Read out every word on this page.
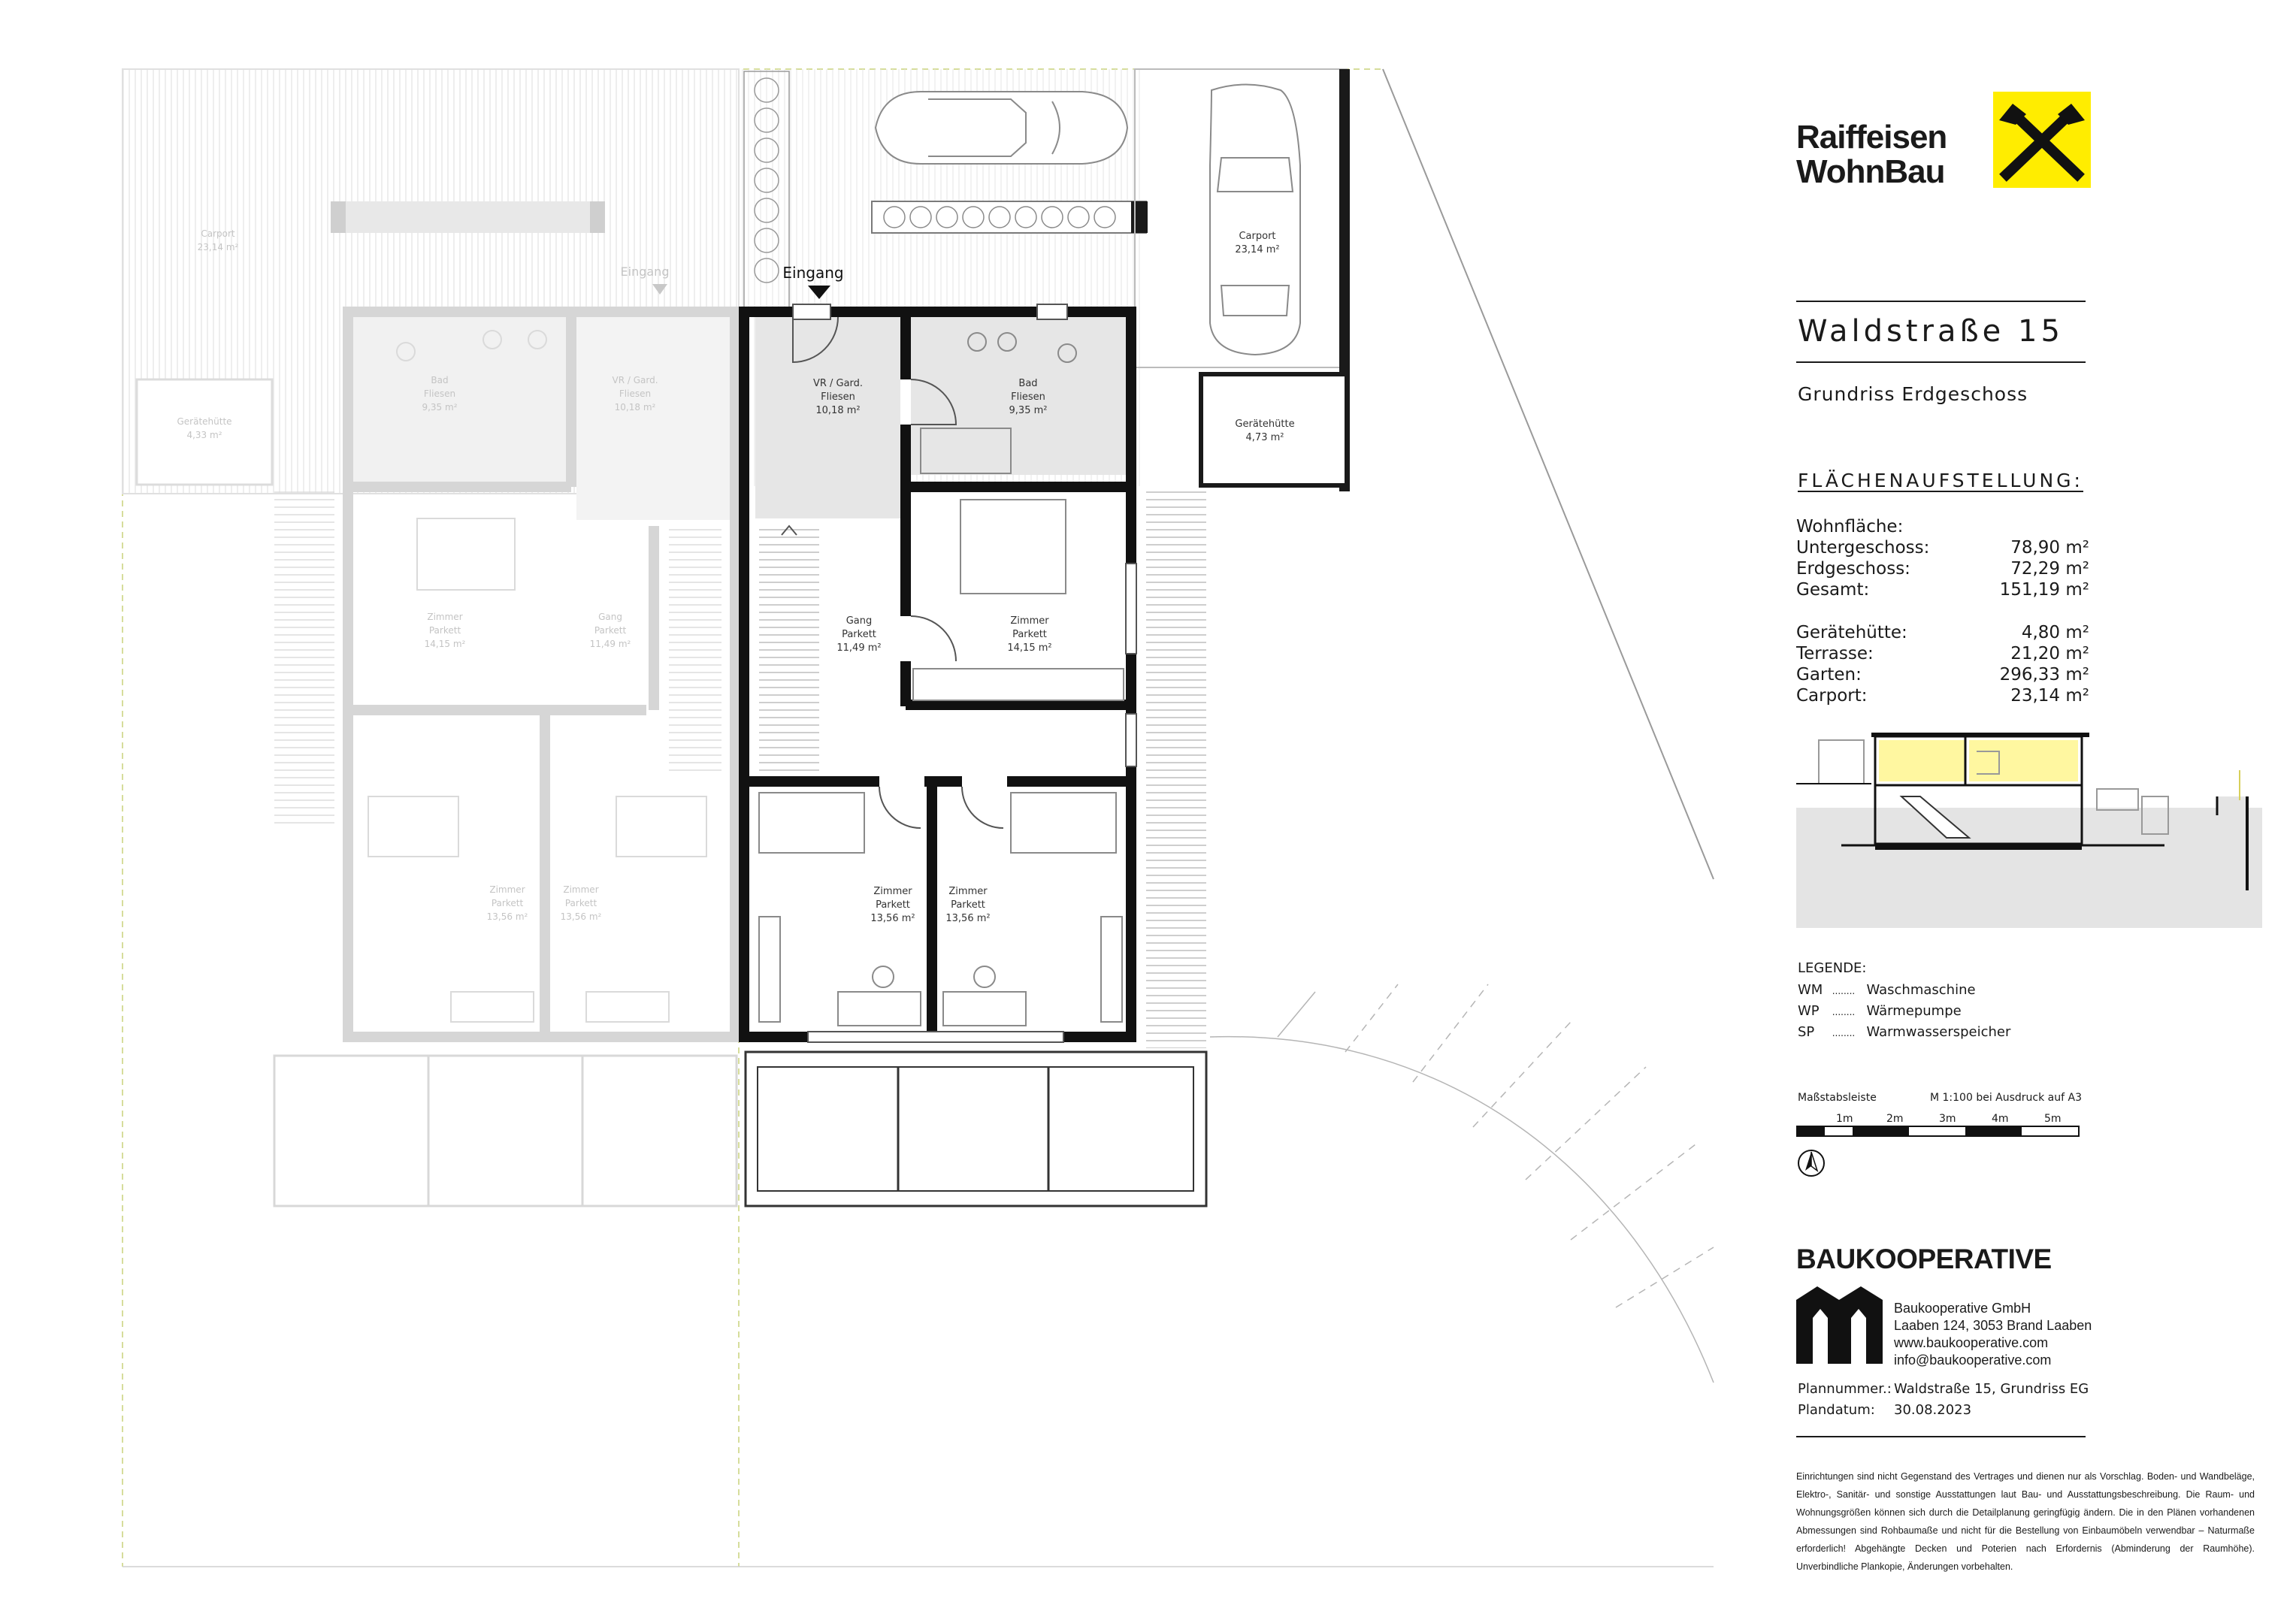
Carport
23,14 m²
Gerätehütte
4,33 m²
Eingang
Bad
Fliesen
9,35 m²
VR / Gard.
Fliesen
10,18 m²
Zimmer
Parkett
14,15 m²
Gang
Parkett
11,49 m²
Zimmer
Parkett
13,56 m²
Zimmer
Parkett
13,56 m²
Eingang
Carport
23,14 m²
Gerätehütte
4,73 m²
VR / Gard.
Fliesen
10,18 m²
Bad
Fliesen
9,35 m²
Gang
Parkett
11,49 m²
Zimmer
Parkett
14,15 m²
Zimmer
Parkett
13,56 m²
Zimmer
Parkett
13,56 m²
Raiffeisen
WohnBau
Waldstraße 15
Grundriss Erdgeschoss
FLÄCHENAUFSTELLUNG:
Wohnfläche:
Untergeschoss:	78,90 m²
Erdgeschoss:	72,29 m²
Gesamt:	151,19 m²
Gerätehütte:	4,80 m²
Terrasse:	21,20 m²
Garten:	296,33 m²
Carport:	23,14 m²
LEGENDE:
WM ........ Waschmaschine
WP ........ Wärmepumpe
SP ........ Warmwasserspeicher
Maßstabsleiste	M 1:100 bei Ausdruck auf A3
1m	2m	3m	4m	5m
BAUKOOPERATIVE
Baukooperative GmbH
Laaben 124, 3053 Brand Laaben
www.baukooperative.com
info@baukooperative.com
Plannummer.: Waldstraße 15, Grundriss EG
Plandatum: 30.08.2023
Einrichtungen sind nicht Gegenstand des Vertrages und dienen nur als Vorschlag. Boden- und Wandbeläge, Elektro-, Sanitär- und sonstige Ausstattungen laut Bau- und Ausstattungsbeschreibung. Die Raum- und Wohnungsgrößen können sich durch die Detailplanung geringfügig ändern. Die in den Plänen vorhandenen Abmessungen sind Rohbaumaße und nicht für die Bestellung von Einbaumöbeln verwendbar – Naturmaße erforderlich! Abgehängte Decken und Poterien nach Erfordernis (Abminderung der Raumhöhe). Unverbindliche Plankopie, Änderungen vorbehalten.
